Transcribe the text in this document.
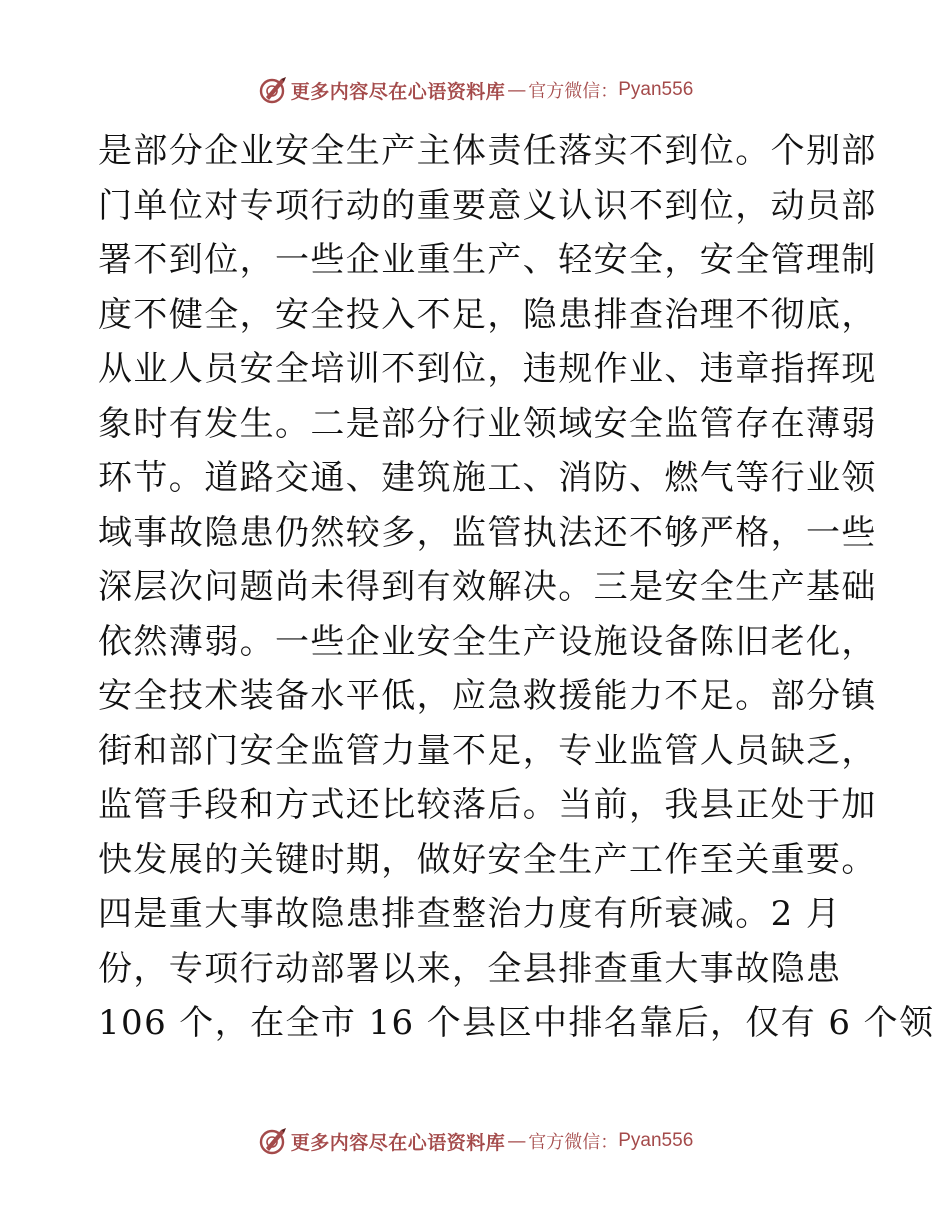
更多内容尽在心语资料库 — 官方微信： Pyan556
是部分企业安全生产主体责任落实不到位。个别部
门单位对专项行动的重要意义认识不到位，动员部
署不到位，一些企业重生产、轻安全，安全管理制
度不健全，安全投入不足，隐患排查治理不彻底，
从业人员安全培训不到位，违规作业、违章指挥现
象时有发生。二是部分行业领域安全监管存在薄弱
环节。道路交通、建筑施工、消防、燃气等行业领
域事故隐患仍然较多，监管执法还不够严格，一些
深层次问题尚未得到有效解决。三是安全生产基础
依然薄弱。一些企业安全生产设施设备陈旧老化，
安全技术装备水平低，应急救援能力不足。部分镇
街和部门安全监管力量不足，专业监管人员缺乏，
监管手段和方式还比较落后。当前，我县正处于加
快发展的关键时期，做好安全生产工作至关重要。
四是重大事故隐患排查整治力度有所衰减。2 月
份，专项行动部署以来，全县排查重大事故隐患
106 个，在全市 16 个县区中排名靠后，仅有 6 个领
更多内容尽在心语资料库 — 官方微信： Pyan556
